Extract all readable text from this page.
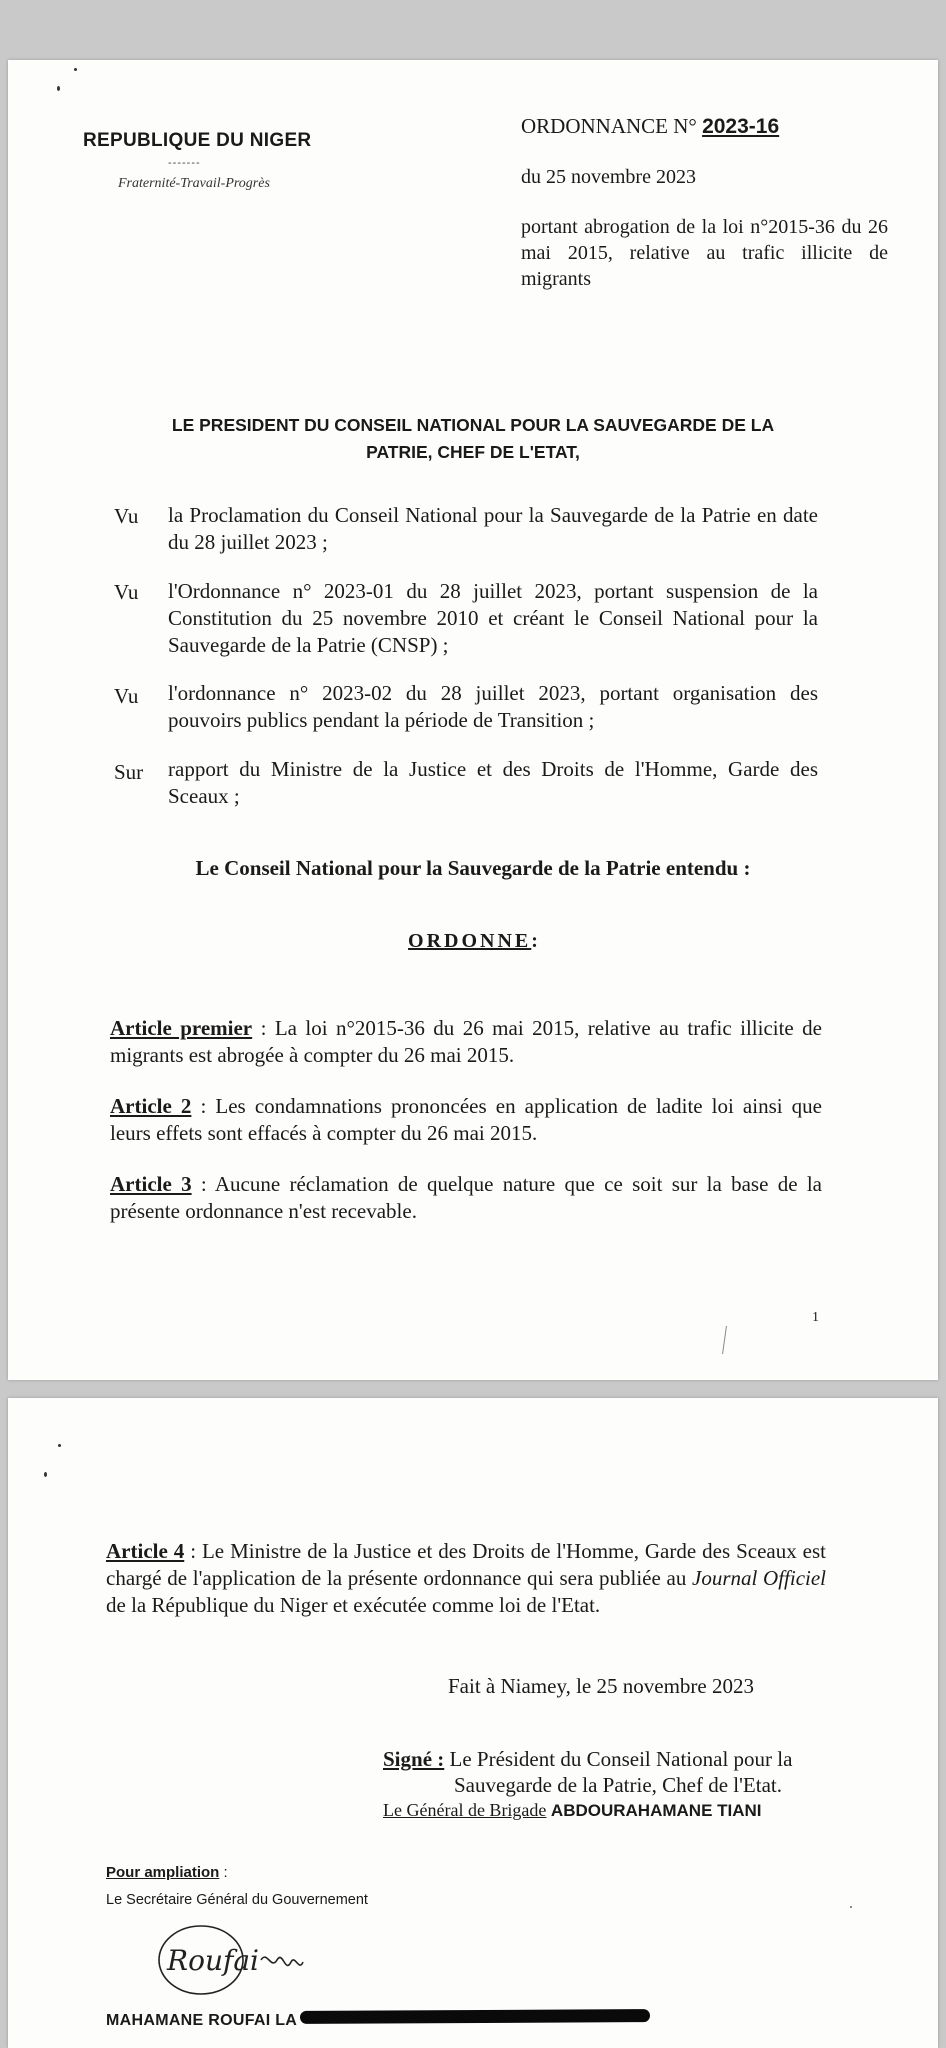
REPUBLIQUE DU NIGER
-------
Fraternité-Travail-Progrès
ORDONNANCE N° 2023-16
du 25 novembre 2023
portant abrogation de la loi n°2015-36 du 26 mai 2015, relative au trafic illicite de migrants
LE PRESIDENT DU CONSEIL NATIONAL POUR LA SAUVEGARDE DE LA
PATRIE, CHEF DE L'ETAT,
Vu la Proclamation du Conseil National pour la Sauvegarde de la Patrie en date du 28 juillet 2023 ;
Vu l'Ordonnance n° 2023-01 du 28 juillet 2023, portant suspension de la Constitution du 25 novembre 2010 et créant le Conseil National pour la Sauvegarde de la Patrie (CNSP) ;
Vu l'ordonnance n° 2023-02 du 28 juillet 2023, portant organisation des pouvoirs publics pendant la période de Transition ;
Sur rapport du Ministre de la Justice et des Droits de l'Homme, Garde des Sceaux ;
Le Conseil National pour la Sauvegarde de la Patrie entendu :
ORDONNE:
Article premier : La loi n°2015-36 du 26 mai 2015, relative au trafic illicite de migrants est abrogée à compter du 26 mai 2015.
Article 2 : Les condamnations prononcées en application de ladite loi ainsi que leurs effets sont effacés à compter du 26 mai 2015.
Article 3 : Aucune réclamation de quelque nature que ce soit sur la base de la présente ordonnance n'est recevable.
1
Article 4 : Le Ministre de la Justice et des Droits de l'Homme, Garde des Sceaux est chargé de l'application de la présente ordonnance qui sera publiée au Journal Officiel de la République du Niger et exécutée comme loi de l'Etat.
Fait à Niamey, le 25 novembre 2023
Signé : Le Président du Conseil National pour la
Sauvegarde de la Patrie, Chef de l'Etat.
Le Général de Brigade ABDOURAHAMANE TIANI
Pour ampliation :
Le Secrétaire Général du Gouvernement
Roufai
MAHAMANE ROUFAI LA
